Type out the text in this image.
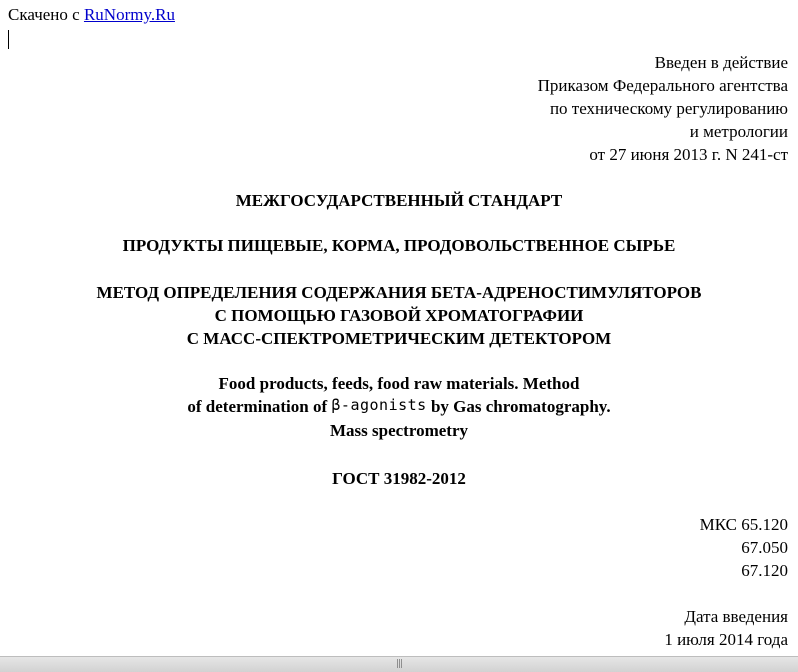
Скачено с RuNormy.Ru
Введен в действие
Приказом Федерального агентства
по техническому регулированию
и метрологии
от 27 июня 2013 г. N 241-ст
МЕЖГОСУДАРСТВЕННЫЙ СТАНДАРТ
ПРОДУКТЫ ПИЩЕВЫЕ, КОРМА, ПРОДОВОЛЬСТВЕННОЕ СЫРЬЕ
МЕТОД ОПРЕДЕЛЕНИЯ СОДЕРЖАНИЯ БЕТА-АДРЕНОСТИМУЛЯТОРОВ
С ПОМОЩЬЮ ГАЗОВОЙ ХРОМАТОГРАФИИ
С МАСС-СПЕКТРОМЕТРИЧЕСКИМ ДЕТЕКТОРОМ
Food products, feeds, food raw materials. Method
of determination of β-agonists by Gas chromatography.
Mass spectrometry
ГОСТ 31982-2012
МКС 65.120
67.050
67.120
Дата введения
1 июля 2014 года
|||
